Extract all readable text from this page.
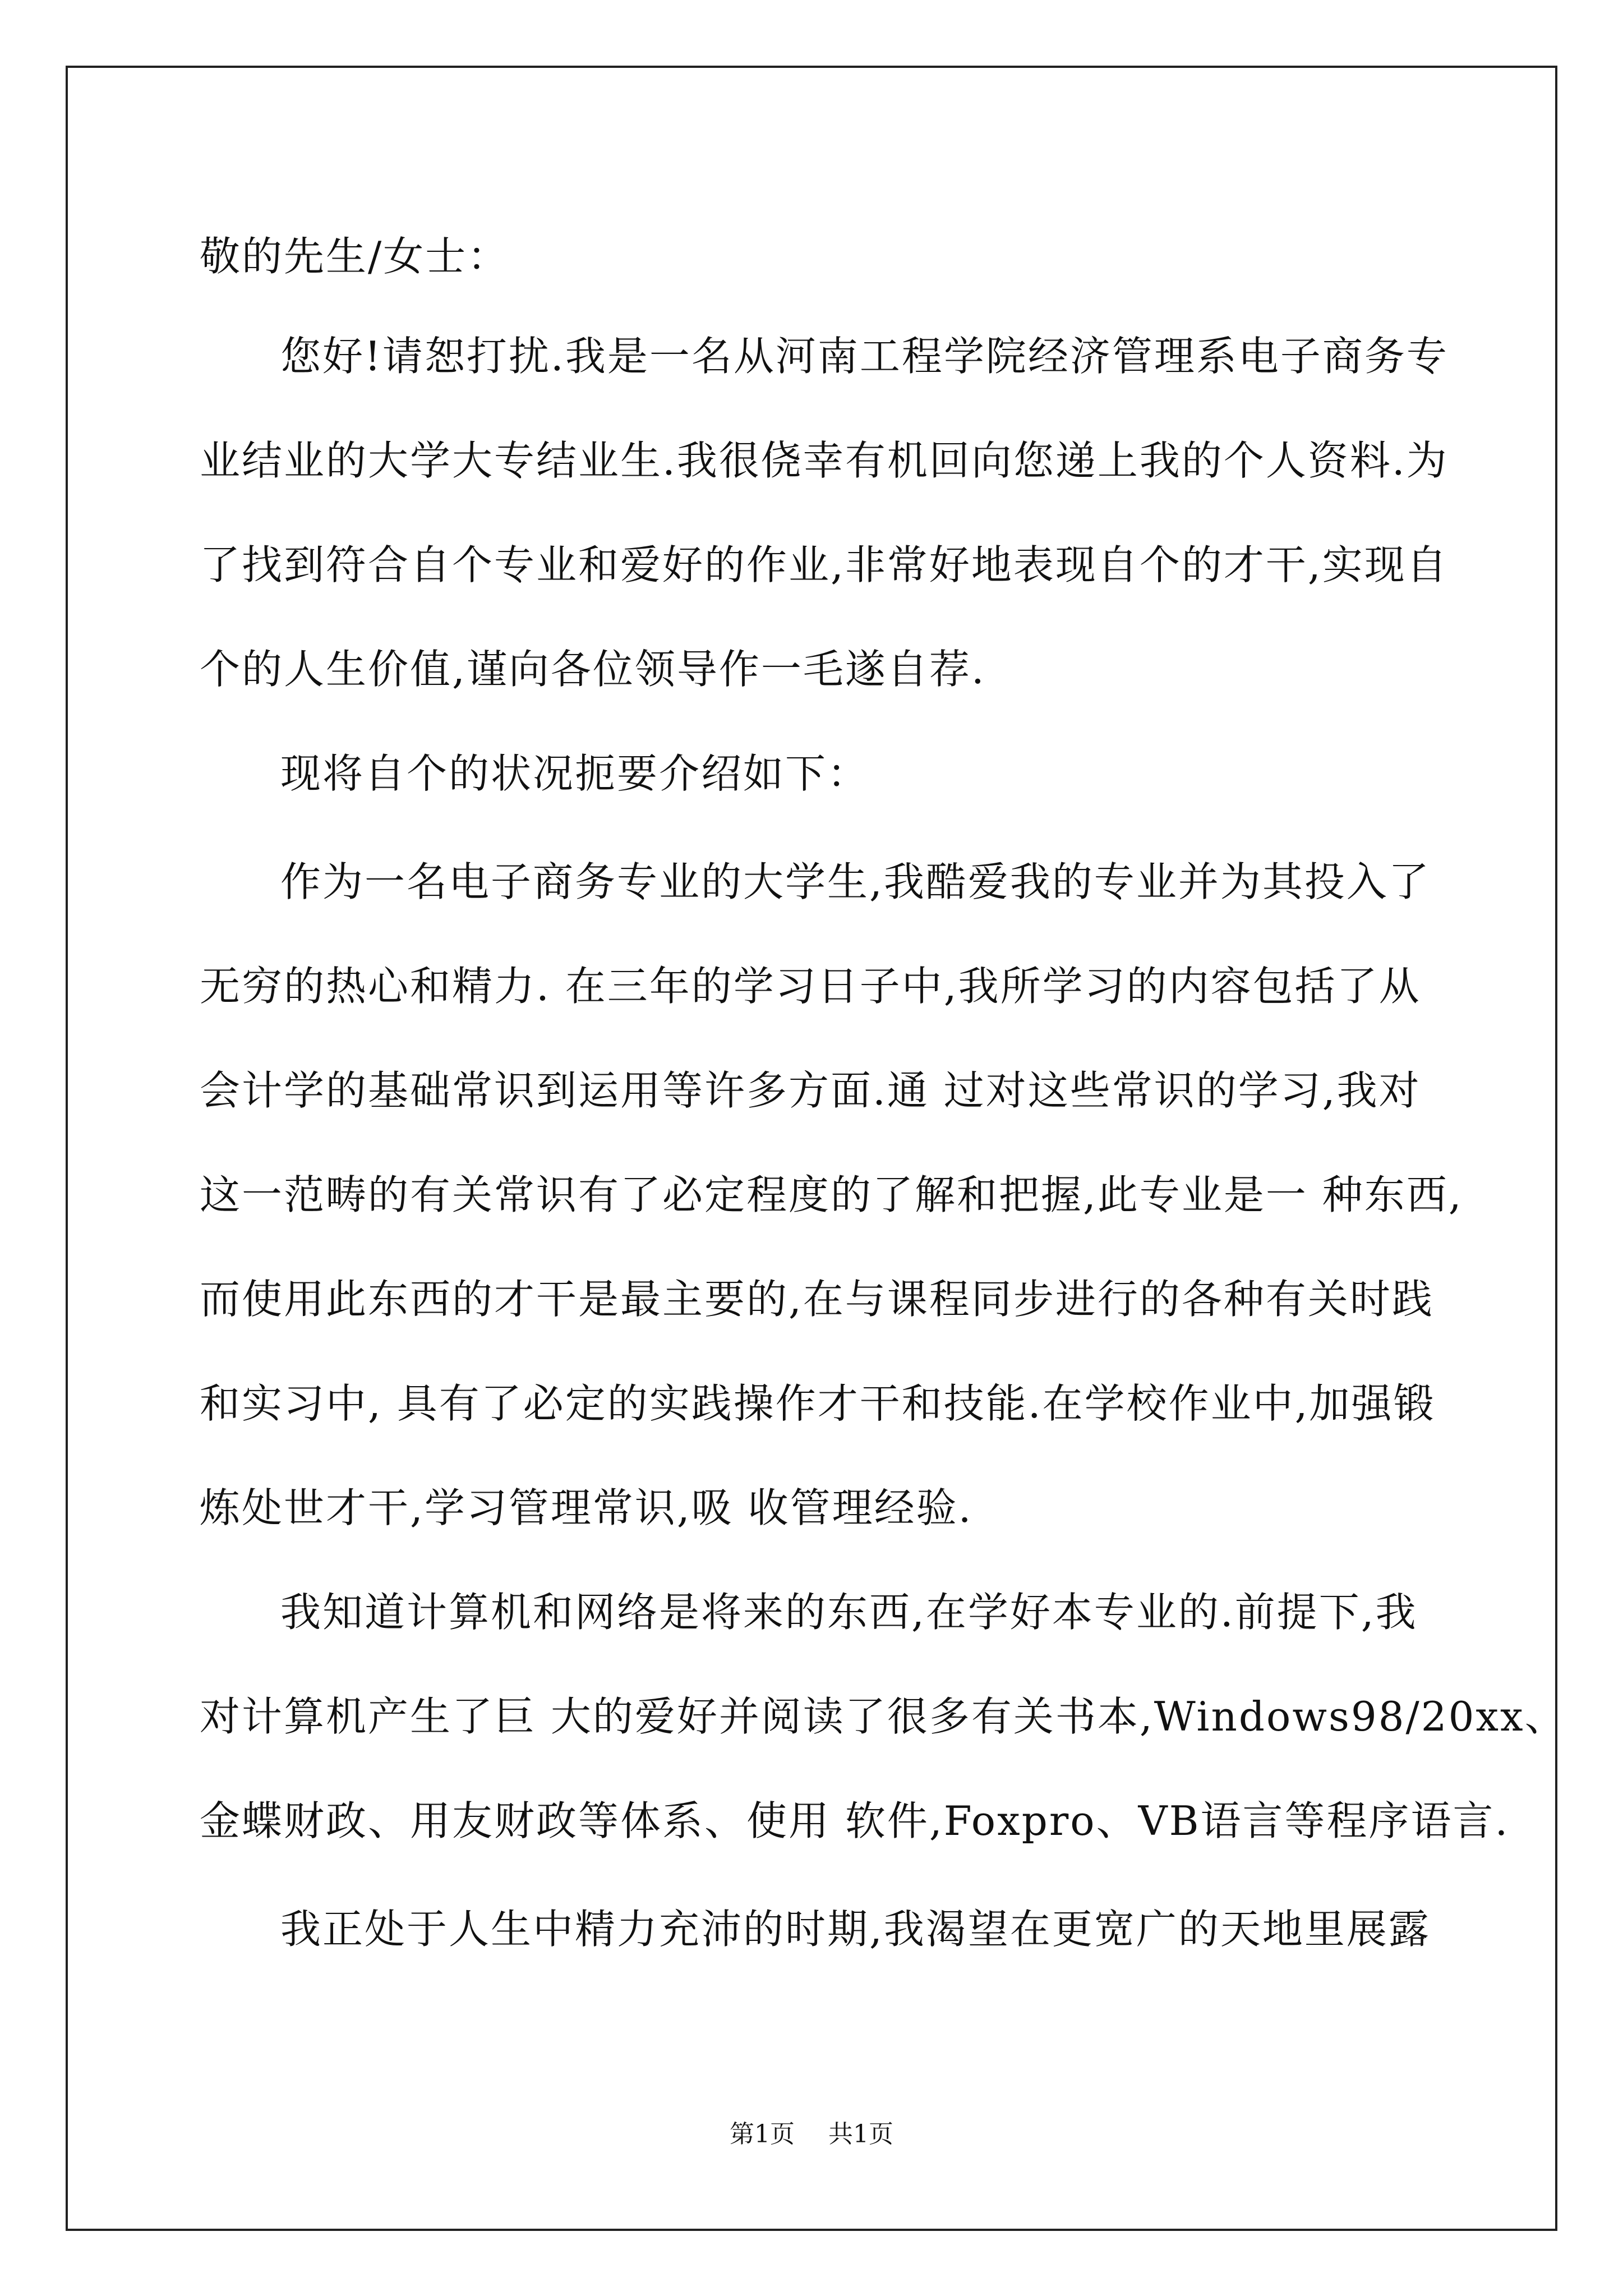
敬的先生/女士：
您好!请恕打扰.我是一名从河南工程学院经济管理系电子商务专
业结业的大学大专结业生.我很侥幸有机回向您递上我的个人资料.为
了找到符合自个专业和爱好的作业,非常好地表现自个的才干,实现自
个的人生价值,谨向各位领导作一毛遂自荐.
现将自个的状况扼要介绍如下：
作为一名电子商务专业的大学生,我酷爱我的专业并为其投入了
无穷的热心和精力. 在三年的学习日子中,我所学习的内容包括了从
会计学的基础常识到运用等许多方面.通 过对这些常识的学习,我对
这一范畴的有关常识有了必定程度的了解和把握,此专业是一 种东西,
而使用此东西的才干是最主要的,在与课程同步进行的各种有关时践
和实习中, 具有了必定的实践操作才干和技能.在学校作业中,加强锻
炼处世才干,学习管理常识,吸 收管理经验.
我知道计算机和网络是将来的东西,在学好本专业的.前提下,我
对计算机产生了巨 大的爱好并阅读了很多有关书本,Windows98/20xx、
金蝶财政、用友财政等体系、使用 软件,Foxpro、VB语言等程序语言.
我正处于人生中精力充沛的时期,我渴望在更宽广的天地里展露
第1页 共1页
